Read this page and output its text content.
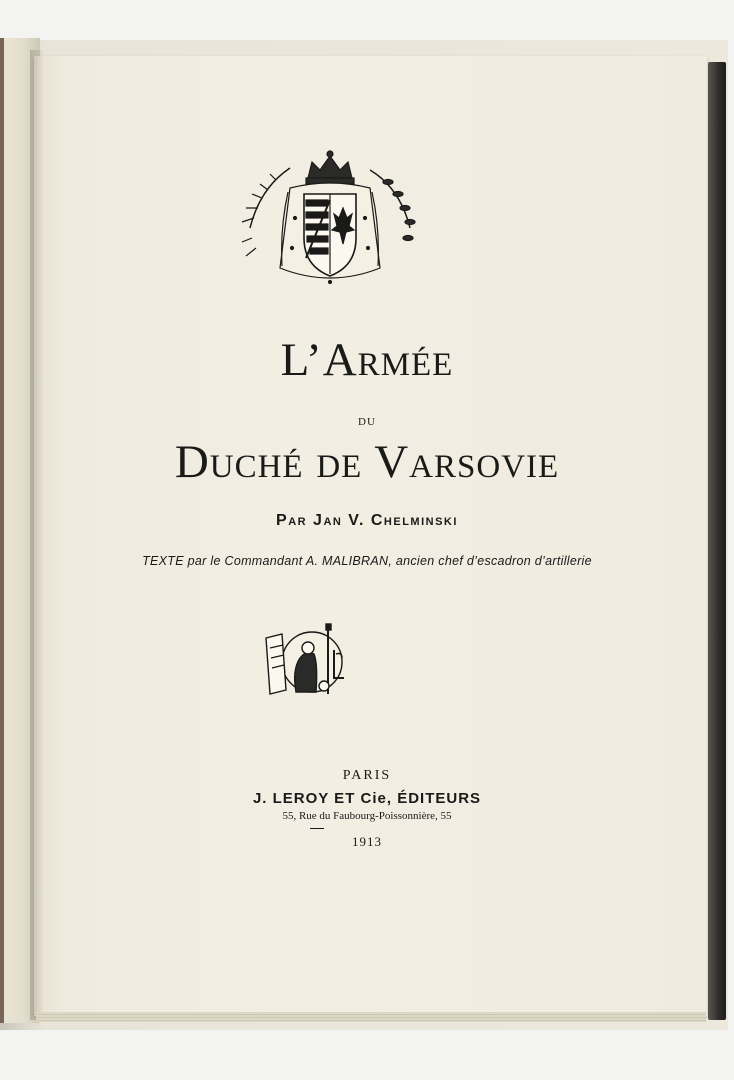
L’Armée
du
Duché de Varsovie
Par Jan V. Chelminski
TEXTE par le Commandant A. MALIBRAN, ancien chef d’escadron d’artillerie
PARIS
J. LEROY ET Cie, ÉDITEURS
55, Rue du Faubourg-Poissonnière, 55
1913
